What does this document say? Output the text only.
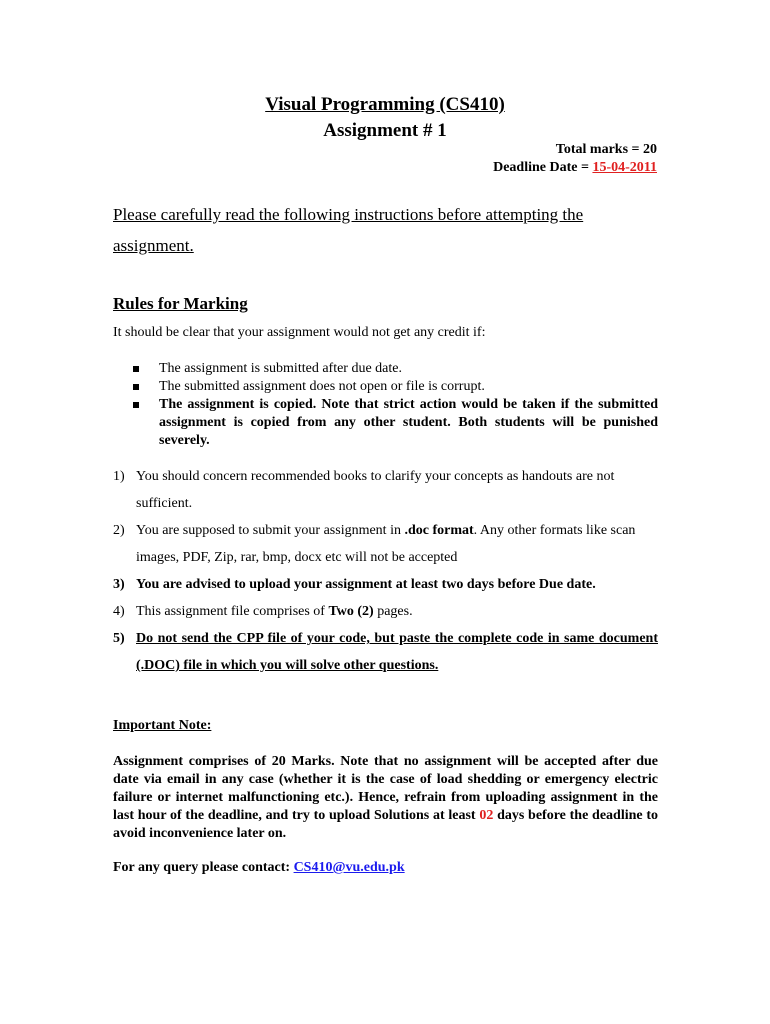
Visual Programming (CS410)

Assignment # 1

Total marks = 20
Deadline Date = 15-04-2011
Please carefully read the following instructions before attempting the assignment.
Rules for Marking
It should be clear that your assignment would not get any credit if:
The assignment is submitted after due date.
The submitted assignment does not open or file is corrupt.
The assignment is copied. Note that strict action would be taken if the submitted assignment is copied from any other student. Both students will be punished severely.
1) You should concern recommended books to clarify your concepts as handouts are not sufficient.
2) You are supposed to submit your assignment in .doc format. Any other formats like scan images, PDF, Zip, rar, bmp, docx etc will not be accepted
3) You are advised to upload your assignment at least two days before Due date.
4) This assignment file comprises of Two (2) pages.
5) Do not send the CPP file of your code, but paste the complete code in same document (.DOC) file in which you will solve other questions.
Important Note:
Assignment comprises of 20 Marks. Note that no assignment will be accepted after due date via email in any case (whether it is the case of load shedding or emergency electric failure or internet malfunctioning etc.). Hence, refrain from uploading assignment in the last hour of the deadline, and try to upload Solutions at least 02 days before the deadline to avoid inconvenience later on.
For any query please contact: CS410@vu.edu.pk
